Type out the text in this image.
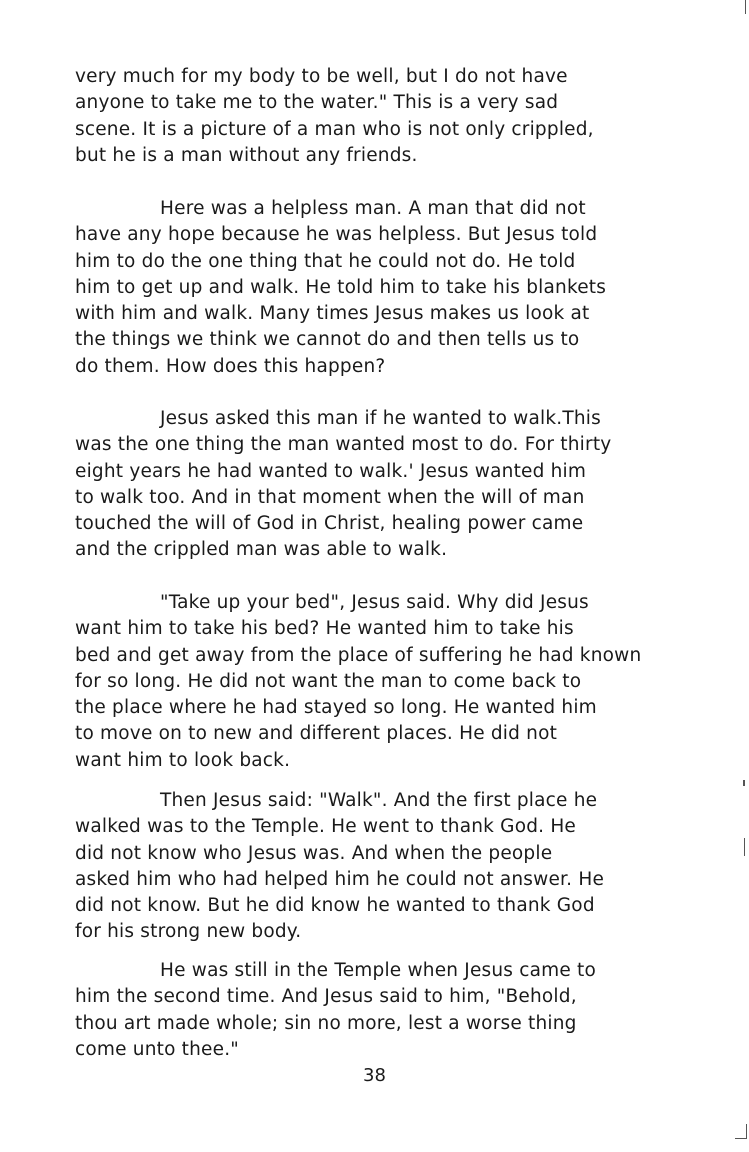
very much for my body to be well, but I do not have
anyone to take me to the water." This is a very sad
scene. It is a picture of a man who is not only crippled,
but he is a man without any friends.
Here was a helpless man. A man that did not
have any hope because he was helpless. But Jesus told
him to do the one thing that he could not do. He told
him to get up and walk. He told him to take his blankets
with him and walk. Many times Jesus makes us look at
the things we think we cannot do and then tells us to
do them. How does this happen?
Jesus asked this man if he wanted to walk.This
was the one thing the man wanted most to do. For thirty
eight years he had wanted to walk.' Jesus wanted him
to walk too. And in that moment when the will of man
touched the will of God in Christ, healing power came
and the crippled man was able to walk.
"Take up your bed", Jesus said. Why did Jesus
want him to take his bed? He wanted him to take his
bed and get away from the place of suffering he had known
for so long. He did not want the man to come back to
the place where he had stayed so long. He wanted him
to move on to new and different places. He did not
want him to look back.
Then Jesus said: "Walk". And the first place he
walked was to the Temple. He went to thank God. He
did not know who Jesus was. And when the people
asked him who had helped him he could not answer. He
did not know. But he did know he wanted to thank God
for his strong new body.
He was still in the Temple when Jesus came to
him the second time. And Jesus said to him, "Behold,
thou art made whole; sin no more, lest a worse thing
come unto thee."
38
